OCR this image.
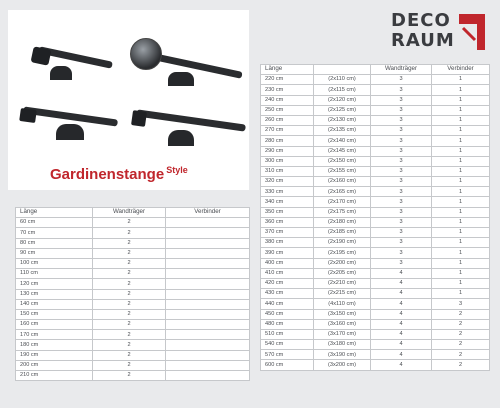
Gardinenstange $^{Style}$
DECO
RAUM
Länge	Wandträger	Verbinder
60 cm	2	
70 cm	2	
80 cm	2	
90 cm	2	
100 cm	2	
110 cm	2	
120 cm	2	
130 cm	2	
140 cm	2	
150 cm	2	
160 cm	2	
170 cm	2	
180 cm	2	
190 cm	2	
200 cm	2	
210 cm	2	
Länge		Wandträger	Verbinder
220 cm	(2x110 cm)	3	1
230 cm	(2x115 cm)	3	1
240 cm	(2x120 cm)	3	1
250 cm	(2x125 cm)	3	1
260 cm	(2x130 cm)	3	1
270 cm	(2x135 cm)	3	1
280 cm	(2x140 cm)	3	1
290 cm	(2x145 cm)	3	1
300 cm	(2x150 cm)	3	1
310 cm	(2x155 cm)	3	1
320 cm	(2x160 cm)	3	1
330 cm	(2x165 cm)	3	1
340 cm	(2x170 cm)	3	1
350 cm	(2x175 cm)	3	1
360 cm	(2x180 cm)	3	1
370 cm	(2x185 cm)	3	1
380 cm	(2x190 cm)	3	1
390 cm	(2x195 cm)	3	1
400 cm	(2x200 cm)	3	1
410 cm	(2x205 cm)	4	1
420 cm	(2x210 cm)	4	1
430 cm	(2x215 cm)	4	1
440 cm	(4x110 cm)	4	3
450 cm	(3x150 cm)	4	2
480 cm	(3x160 cm)	4	2
510 cm	(3x170 cm)	4	2
540 cm	(3x180 cm)	4	2
570 cm	(3x190 cm)	4	2
600 cm	(3x200 cm)	4	2
